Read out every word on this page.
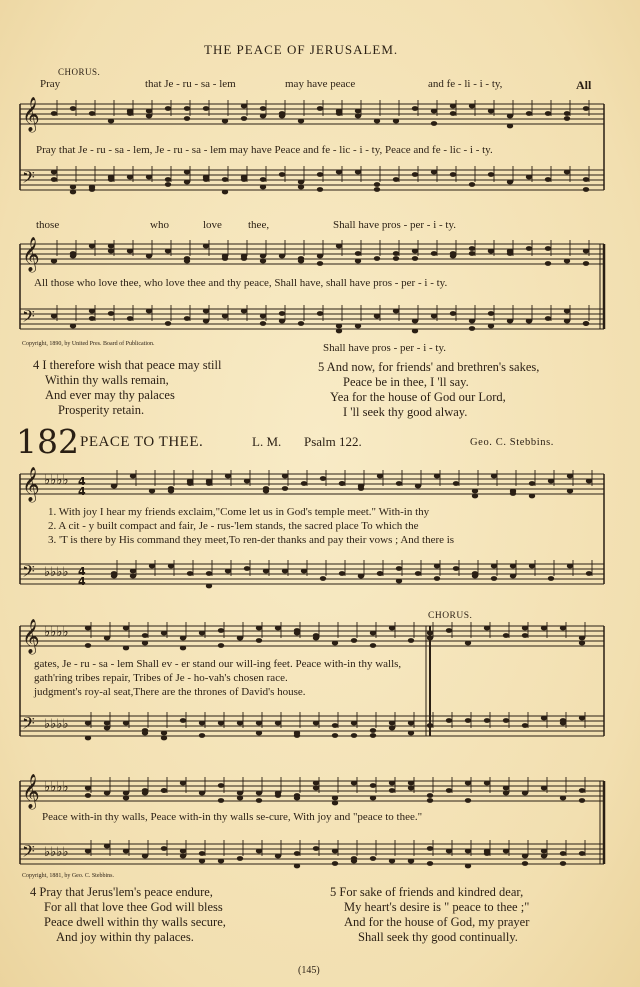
THE PEACE OF JERUSALEM.
CHORUS.
All
Pray	that Je - ru - sa - lem	may have peace	and fe - li - i - ty,
𝄞
𝄢
𝄞
𝄢
𝄞
𝄢
𝄞
𝄢
𝄞
𝄢
♭♭♭♭
♭♭♭♭
♭♭♭♭
♭♭♭♭
♭♭♭♭
♭♭♭♭
4
4
4
4
Pray that Je - ru - sa - lem, Je - ru - sa - lem may have Peace and fe - lic - i - ty, Peace and fe - lic - i - ty.
those	who	love thee,	Shall have pros - per - i - ty.
All those who love thee, who love thee and thy peace, Shall have, shall have pros - per - i - ty.
Shall have pros - per - i - ty.
Copyright, 1890, by United Pres. Board of Publication.
4 I therefore wish that peace may still
Within thy walls remain,
And ever may thy palaces
Prosperity retain.
5 And now, for friends' and brethren's sakes,
Peace be in thee, I 'll say.
Yea for the house of God our Lord,
I 'll seek thy good alway.
182 PEACE TO THEE.	L. M. Psalm 122.	Geo. C. Stebbins.
1. With joy I hear my friends exclaim,"Come let us in God's temple meet." With-in thy
2. A cit - y built compact and fair, Je - rus-'lem stands, the sacred place To which the
3. 'T is there by His command they meet,To ren-der thanks and pay their vows ; And there is
CHORUS.
gates, Je - ru - sa - lem Shall ev - er stand our will-ing feet. Peace with-in thy walls,
gath'ring tribes repair, Tribes of Je - ho-vah's chosen race.
judgment's roy-al seat,There are the thrones of David's house.
Peace with-in thy walls, Peace with-in thy walls se-cure, With joy and "peace to thee."
Copyright, 1881, by Geo. C. Stebbins.
4 Pray that Jerus'lem's peace endure,
For all that love thee God will bless
Peace dwell within thy walls secure,
And joy within thy palaces.
5 For sake of friends and kindred dear,
My heart's desire is " peace to thee ;"
And for the house of God, my prayer
Shall seek thy good continually.
(145)
